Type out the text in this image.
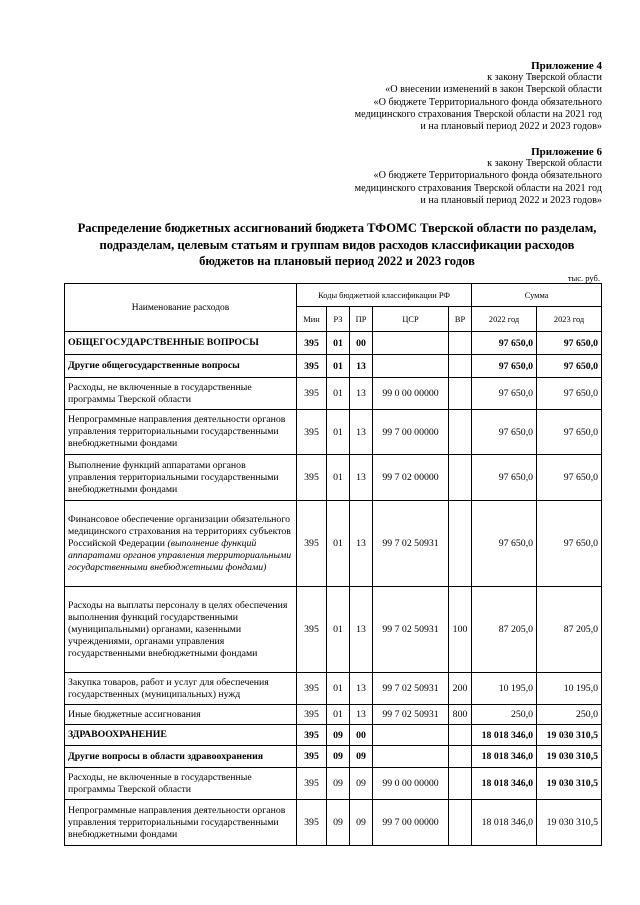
Приложение 4
к закону Тверской области
«О внесении изменений в закон Тверской области
«О бюджете Территориального фонда обязательного
медицинского страхования Тверской области на 2021 год
и на плановый период 2022 и 2023 годов»
Приложение 6
к закону Тверской области
«О бюджете Территориального фонда обязательного
медицинского страхования Тверской области на 2021 год
и на плановый период 2022 и 2023 годов»
Распределение бюджетных ассигнований бюджета ТФОМС Тверской области по разделам,
подразделам, целевым статьям и группам видов расходов классификации расходов
бюджетов на плановый период 2022 и 2023 годов
тыс. руб.
Наименование расходов	Коды бюджетной классификации РФ					Сумма	
	Мин	РЗ	ПР	ЦСР	ВР	2022 год	2023 год
ОБЩЕГОСУДАРСТВЕННЫЕ ВОПРОСЫ	395	01	00			97 650,0	97 650,0
Другие общегосударственные вопросы	395	01	13			97 650,0	97 650,0
Расходы, не включенные в государственные программы Тверской области	395	01	13	99 0 00 00000		97 650,0	97 650,0
Непрограммные направления деятельности органов управления территориальными государственными внебюджетными фондами	395	01	13	99 7 00 00000		97 650,0	97 650,0
Выполнение функций аппаратами органов управления территориальными государственными внебюджетными фондами	395	01	13	99 7 02 00000		97 650,0	97 650,0
Финансовое обеспечение организации обязательного медицинского страхования на территориях субъектов Российской Федерации (выполнение функций аппаратами органов управления территориальными государственными внебюджетными фондами)	395	01	13	99 7 02 50931		97 650,0	97 650,0
Расходы на выплаты персоналу в целях обеспечения выполнения функций государственными (муниципальными) органами, казенными учреждениями, органами управления государственными внебюджетными фондами	395	01	13	99 7 02 50931	100	87 205,0	87 205,0
Закупка товаров, работ и услуг для обеспечения государственных (муниципальных) нужд	395	01	13	99 7 02 50931	200	10 195,0	10 195,0
Иные бюджетные ассигнования	395	01	13	99 7 02 50931	800	250,0	250,0
ЗДРАВООХРАНЕНИЕ	395	09	00			18 018 346,0	19 030 310,5
Другие вопросы в области здравоохранения	395	09	09			18 018 346,0	19 030 310,5
Расходы, не включенные в государственные программы Тверской области	395	09	09	99 0 00 00000		18 018 346,0	19 030 310,5
Непрограммные направления деятельности органов управления территориальными государственными внебюджетными фондами	395	09	09	99 7 00 00000		18 018 346,0	19 030 310,5
